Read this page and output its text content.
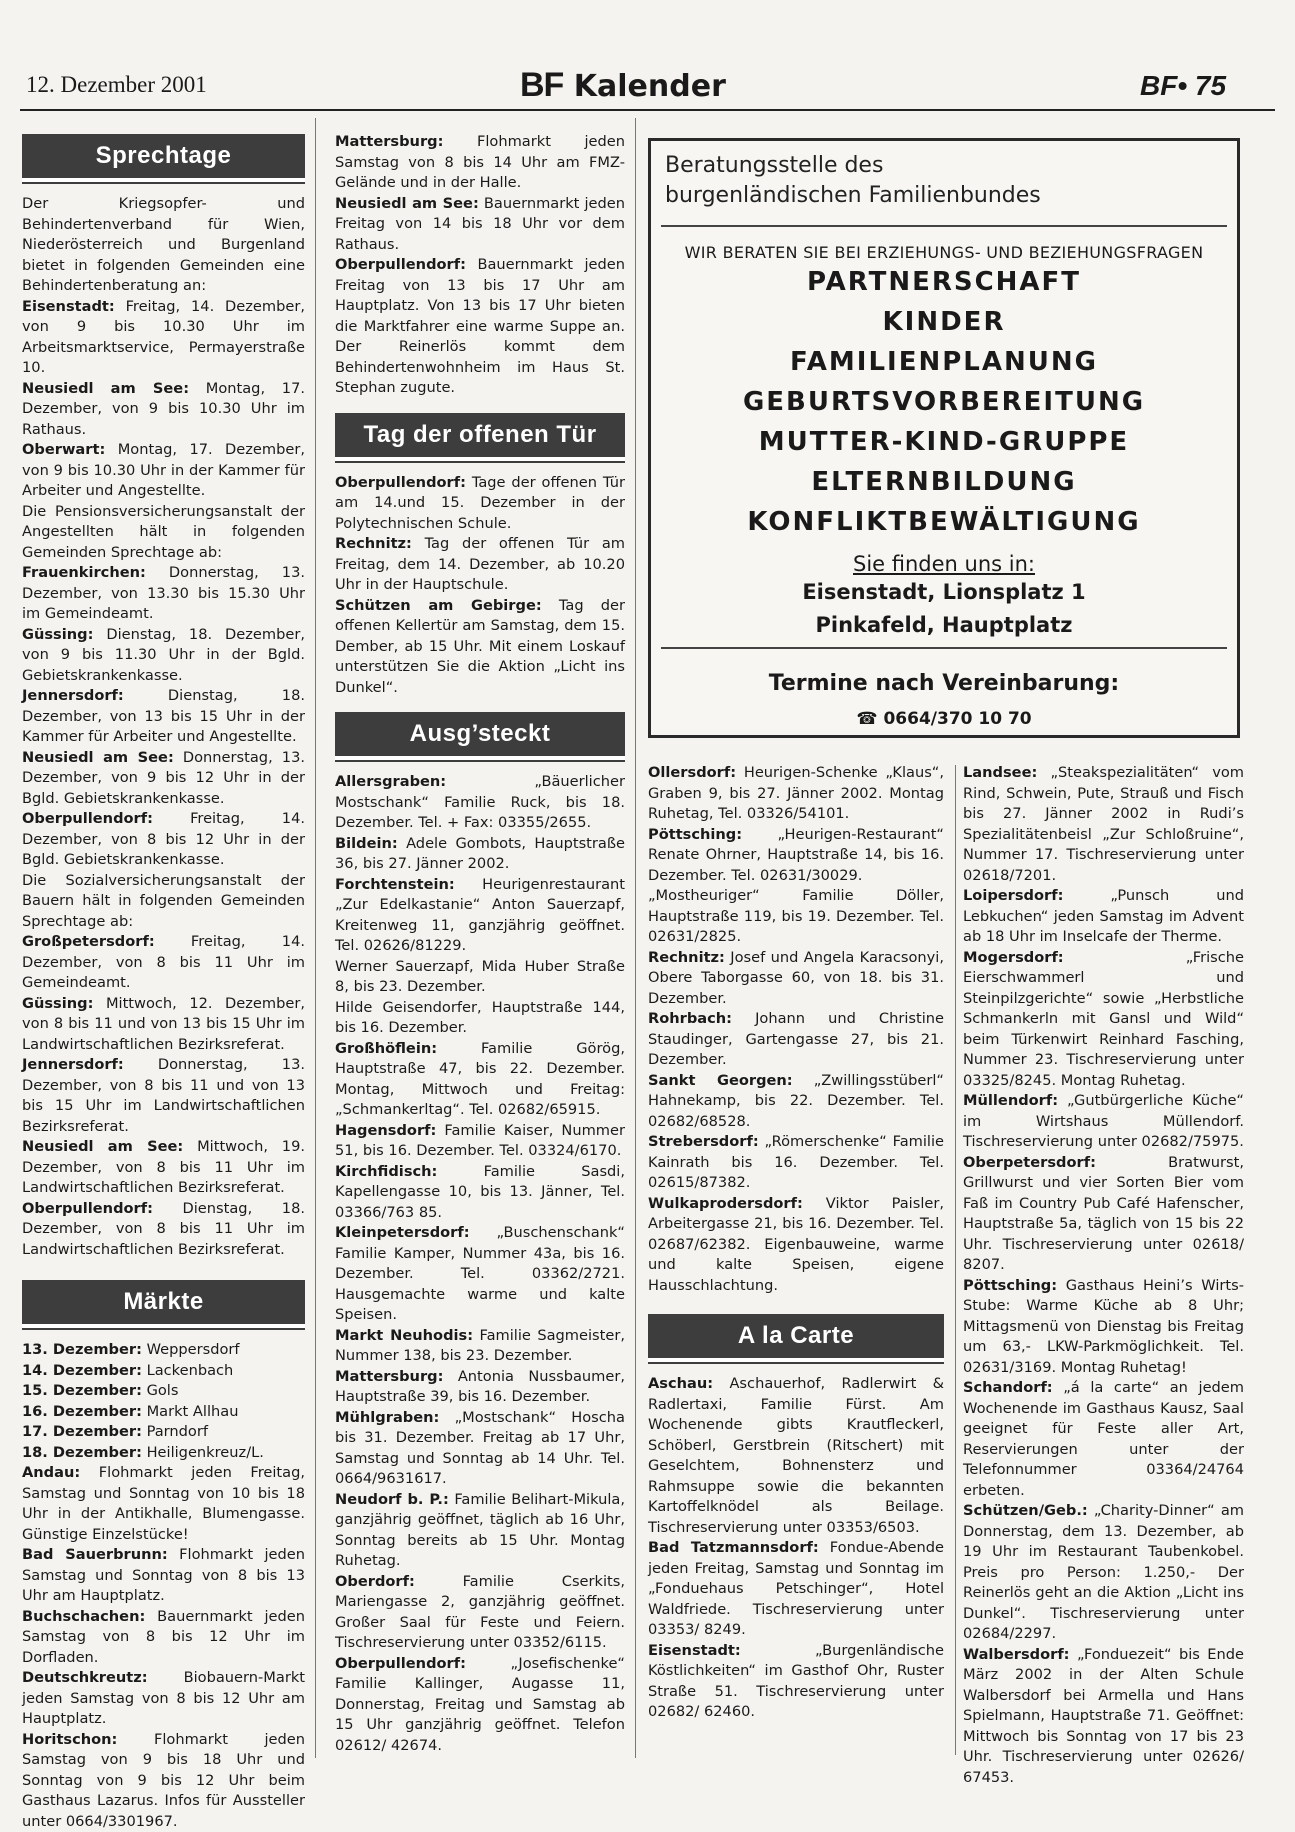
12. Dezember 2001	BF Kalender	BF• 75
Sprechtage

Der Kriegsopfer- und Behindertenverband für Wien, Niederösterreich und Burgenland bietet in folgenden Gemeinden eine Behindertenberatung an:

Eisenstadt: Freitag, 14. Dezember, von 9 bis 10.30 Uhr im Arbeitsmarktservice, Permayerstraße 10.

Neusiedl am See: Montag, 17. Dezember, von 9 bis 10.30 Uhr im Rathaus.

Oberwart: Montag, 17. Dezember, von 9 bis 10.30 Uhr in der Kammer für Arbeiter und Angestellte.

Die Pensionsversicherungsanstalt der Angestellten hält in folgenden Gemeinden Sprechtage ab:

Frauenkirchen: Donnerstag, 13. Dezember, von 13.30 bis 15.30 Uhr im Gemeindeamt.

Güssing: Dienstag, 18. Dezember, von 9 bis 11.30 Uhr in der Bgld. Gebietskrankenkasse.

Jennersdorf:	Dienstag, 18. Dezember, von 13 bis 15 Uhr in der Kammer für Arbeiter und Angestellte.

Neusiedl am See: Donnerstag, 13. Dezember, von 9 bis 12 Uhr in der Bgld. Gebietskrankenkasse.

Oberpullendorf:	Freitag, 14. Dezember, von 8 bis 12 Uhr in der Bgld. Gebietskrankenkasse.

Die Sozialversicherungsanstalt der Bauern hält in folgenden Gemeinden Sprechtage ab:

Großpetersdorf: Freitag, 14. Dezember, von 8 bis 11 Uhr im Gemeindeamt.

Güssing: Mittwoch, 12. Dezember, von 8 bis 11 und von 13 bis 15 Uhr im Landwirtschaftlichen Bezirksreferat.

Jennersdorf: Donnerstag, 13. Dezember, von 8 bis 11 und von 13 bis 15 Uhr im Landwirtschaftlichen Bezirksreferat.

Neusiedl am See: Mittwoch, 19. Dezember, von 8 bis 11 Uhr im Landwirtschaftlichen Bezirksreferat.

Oberpullendorf: Dienstag, 18. Dezember, von 8 bis 11 Uhr im Landwirtschaftlichen Bezirksreferat.

Märkte

13. Dezember: Weppersdorf

14. Dezember: Lackenbach

15. Dezember: Gols

16. Dezember: Markt Allhau

17. Dezember: Parndorf

18. Dezember: Heiligenkreuz/L.

Andau: Flohmarkt jeden Freitag, Samstag und Sonntag von 10 bis 18 Uhr in der Antikhalle, Blumengasse. Günstige Einzelstücke!

Bad Sauerbrunn: Flohmarkt jeden Samstag und Sonntag von 8 bis 13 Uhr am Hauptplatz.

Buchschachen: Bauernmarkt jeden Samstag von 8 bis 12 Uhr im Dorfladen.

Deutschkreutz: Biobauern-Markt jeden Samstag von 8 bis 12 Uhr am Hauptplatz.

Horitschon:	Flohmarkt jeden Samstag von 9 bis 18 Uhr und Sonntag von 9 bis 12 Uhr beim Gasthaus Lazarus. Infos für Aussteller unter 0664/3301967.

Mattersburg: Flohmarkt jeden Samstag von 8 bis 14 Uhr am FMZ-Gelände und in der Halle.

Neusiedl am See: Bauernmarkt jeden Freitag von 14 bis 18 Uhr vor dem Rathaus.

Oberpullendorf: Bauernmarkt jeden Freitag von 13 bis 17 Uhr am Hauptplatz. Von 13 bis 17 Uhr bieten die Marktfahrer eine warme Suppe an. Der Reinerlös kommt dem Behindertenwohnheim im Haus St. Stephan zugute.

Tag der offenen Tür

Oberpullendorf: Tage der offenen Tür am 14.und 15. Dezember in der Polytechnischen Schule.

Rechnitz: Tag der offenen Tür am Freitag, dem 14. Dezember, ab 10.20 Uhr in der Hauptschule.

Schützen am Gebirge: Tag der offenen Kellertür am Samstag, dem 15. Dember, ab 15 Uhr. Mit einem Loskauf unterstützen Sie die Aktion „Licht ins Dunkel“.

Ausg’steckt

Allersgraben:	„Bäuerlicher Mostschank“ Familie Ruck, bis 18. Dezember. Tel. + Fax: 03355/2655.

Bildein: Adele Gombots, Hauptstraße 36, bis 27. Jänner 2002.

Forchtenstein: Heurigenrestaurant „Zur Edelkastanie“ Anton Sauerzapf, Kreitenweg 11, ganzjährig geöffnet. Tel. 02626/81229.

Werner Sauerzapf, Mida Huber Straße 8, bis 23. Dezember.

Hilde Geisendorfer, Hauptstraße 144, bis 16. Dezember.

Großhöflein:	Familie Görög, Hauptstraße 47, bis 22. Dezember. Montag, Mittwoch und Freitag: „Schmankerltag“. Tel. 02682/65915.

Hagensdorf: Familie Kaiser, Nummer 51, bis 16. Dezember. Tel. 03324/6170.

Kirchfidisch:	Familie Sasdi, Kapellengasse 10, bis 13. Jänner, Tel. 03366/763 85.

Kleinpetersdorf: „Buschenschank“ Familie Kamper, Nummer 43a, bis 16. Dezember. Tel. 03362/2721. Hausgemachte warme und kalte Speisen.

Markt Neuhodis: Familie Sagmeister, Nummer 138, bis 23. Dezember.

Mattersburg: Antonia Nussbaumer, Hauptstraße 39, bis 16. Dezember.

Mühlgraben: „Mostschank“ Hoscha bis 31. Dezember. Freitag ab 17 Uhr, Samstag und Sonntag ab 14 Uhr. Tel. 0664/9631617.

Neudorf b. P.: Familie Belihart-Mikula, ganzjährig geöffnet, täglich ab 16 Uhr, Sonntag bereits ab 15 Uhr. Montag Ruhetag.

Oberdorf:	Familie Cserkits, Mariengasse 2, ganzjährig geöffnet. Großer Saal für Feste und Feiern. Tischreservierung unter 03352/6115.

Oberpullendorf:	„Josefischenke“ Familie Kallinger, Augasse 11, Donnerstag, Freitag und Samstag ab 15 Uhr ganzjährig geöffnet. Telefon 02612/ 42674.

Beratungsstelle des
burgenländischen Familienbundes
WIR BERATEN SIE BEI ERZIEHUNGS- UND BEZIEHUNGSFRAGEN
PARTNERSCHAFT
KINDER
FAMILIENPLANUNG
GEBURTSVORBEREITUNG
MUTTER-KIND-GRUPPE
ELTERNBILDUNG
KONFLIKTBEWÄLTIGUNG
Sie finden uns in:
Eisenstadt, Lionsplatz 1
Pinkafeld, Hauptplatz
Termine nach Vereinbarung:
☎ 0664/370 10 70

Ollersdorf: Heurigen-Schenke „Klaus“, Graben 9, bis 27. Jänner 2002. Montag Ruhetag, Tel. 03326/54101.

Pöttsching: „Heurigen-Restaurant“ Renate Ohrner, Hauptstraße 14, bis 16. Dezember. Tel. 02631/30029.

„Mostheuriger“ Familie Döller, Hauptstraße 119, bis 19. Dezember. Tel. 02631/2825.

Rechnitz: Josef und Angela Karacsonyi, Obere Taborgasse 60, von 18. bis 31. Dezember.

Rohrbach: Johann und Christine Staudinger, Gartengasse 27, bis 21. Dezember.

Sankt Georgen: „Zwillingsstüberl“ Hahnekamp, bis 22. Dezember. Tel. 02682/68528.

Strebersdorf: „Römerschenke“ Familie Kainrath bis 16. Dezember. Tel. 02615/87382.

Wulkaprodersdorf: Viktor Paisler, Arbeitergasse 21, bis 16. Dezember. Tel. 02687/62382. Eigenbauweine, warme und kalte Speisen, eigene Hausschlachtung.

A la Carte

Aschau: Aschauerhof, Radlerwirt & Radlertaxi, Familie Fürst. Am Wochenende gibts Krautfleckerl, Schöberl, Gerstbrein (Ritschert) mit Geselchtem, Bohnensterz und Rahmsuppe sowie die bekannten Kartoffelknödel als Beilage. Tischreservierung unter 03353/6503.

Bad Tatzmannsdorf: Fondue-Abende jeden Freitag, Samstag und Sonntag im „Fonduehaus Petschinger“, Hotel Waldfriede. Tischreservierung unter 03353/ 8249.

Eisenstadt:	„Burgenländische Köstlichkeiten“ im Gasthof Ohr, Ruster Straße 51. Tischreservierung unter 02682/ 62460.

Landsee: „Steakspezialitäten“ vom Rind, Schwein, Pute, Strauß und Fisch bis 27. Jänner 2002 in Rudi’s Spezialitätenbeisl „Zur Schloßruine“, Nummer 17. Tischreservierung unter 02618/7201.

Loipersdorf:	„Punsch und Lebkuchen“ jeden Samstag im Advent ab 18 Uhr im Inselcafe der Therme.

Mogersdorf:	„Frische Eierschwammerl und Steinpilzgerichte“ sowie „Herbstliche Schmankerln mit Gansl und Wild“ beim Türkenwirt Reinhard Fasching, Nummer 23. Tischreservierung unter 03325/8245. Montag Ruhetag.

Müllendorf: „Gutbürgerliche Küche“ im Wirtshaus Müllendorf. Tischreservierung unter 02682/75975.

Oberpetersdorf:	Bratwurst, Grillwurst und vier Sorten Bier vom Faß im Country Pub Café Hafenscher, Hauptstraße 5a, täglich von 15 bis 22 Uhr. Tischreservierung unter 02618/ 8207.

Pöttsching: Gasthaus Heini’s Wirts-Stube: Warme Küche ab 8 Uhr; Mittagsmenü von Dienstag bis Freitag um 63,- LKW-Parkmöglichkeit. Tel. 02631/3169. Montag Ruhetag!

Schandorf: „á la carte“ an jedem Wochenende im Gasthaus Kausz, Saal geeignet für Feste aller Art, Reservierungen unter der Telefonnummer 03364/24764 erbeten.

Schützen/Geb.: „Charity-Dinner“ am Donnerstag, dem 13. Dezember, ab 19 Uhr im Restaurant Taubenkobel. Preis pro Person: 1.250,- Der Reinerlös geht an die Aktion „Licht ins Dunkel“. Tischreservierung unter 02684/2297.

Walbersdorf: „Fonduezeit“ bis Ende März 2002 in der Alten Schule Walbersdorf bei Armella und Hans Spielmann, Hauptstraße 71. Geöffnet: Mittwoch bis Sonntag von 17 bis 23 Uhr. Tischreservierung unter 02626/ 67453.
